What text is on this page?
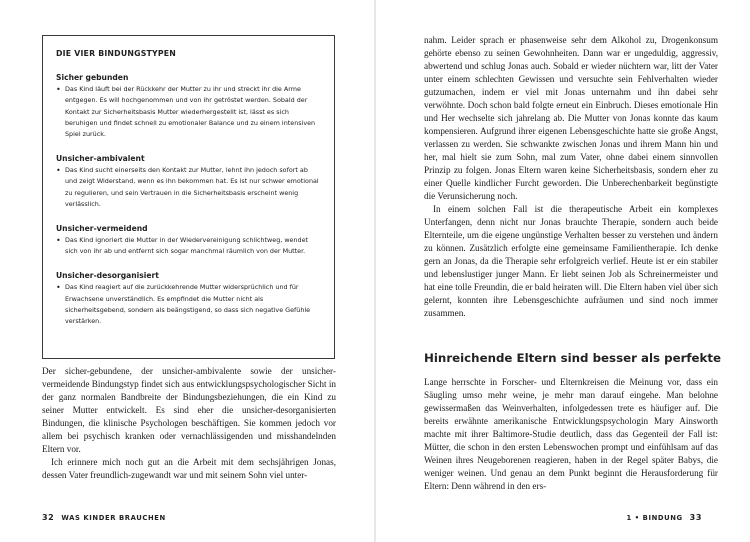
DIE VIER BINDUNGSTYPEN
Sicher gebunden
• Das Kind läuft bei der Rückkehr der Mutter zu ihr und streckt ihr die Arme entgegen. Es will hochgenommen und von ihr getröstet werden. Sobald der Kontakt zur Sicherheitsbasis Mutter wiederhergestellt ist, lässt es sich beruhigen und findet schnell zu emotionaler Balance und zu einem intensiven Spiel zurück.
Unsicher-ambivalent
• Das Kind sucht einerseits den Kontakt zur Mutter, lehnt ihn jedoch sofort ab und zeigt Widerstand, wenn es ihn bekommen hat. Es ist nur schwer emotional zu regulieren, und sein Vertrauen in die Sicherheitsbasis erscheint wenig verlässlich.
Unsicher-vermeidend
• Das Kind ignoriert die Mutter in der Wiedervereinigung schlichtweg, wendet sich von ihr ab und entfernt sich sogar manchmal räumlich von der Mutter.
Unsicher-desorganisiert
• Das Kind reagiert auf die zurückkehrende Mutter widersprüchlich und für Erwachsene unverständlich. Es empfindet die Mutter nicht als sicherheitsgebend, sondern als beängstigend, so dass sich negative Gefühle verstärken.

Der sicher-gebundene, der unsicher-ambivalente sowie der unsicher-vermeidende Bindungstyp findet sich aus entwicklungspsychologischer Sicht in der ganz normalen Bandbreite der Bindungsbeziehungen, die ein Kind zu seiner Mutter entwickelt. Es sind eher die unsicher-desorganisierten Bindungen, die klinische Psychologen beschäftigen. Sie kommen jedoch vor allem bei psychisch kranken oder vernachlässigenden und misshandelnden Eltern vor.

Ich erinnere mich noch gut an die Arbeit mit dem sechsjährigen Jonas, dessen Vater freundlich-zugewandt war und mit seinem Sohn viel unter-

32 WAS KINDER BRAUCHEN

nahm. Leider sprach er phasenweise sehr dem Alkohol zu, Drogenkonsum gehörte ebenso zu seinen Gewohnheiten. Dann war er ungeduldig, aggressiv, abwertend und schlug Jonas auch. Sobald er wieder nüchtern war, litt der Vater unter einem schlechten Gewissen und versuchte sein Fehlverhalten wieder gutzumachen, indem er viel mit Jonas unternahm und ihn dabei sehr verwöhnte. Doch schon bald folgte erneut ein Einbruch. Dieses emotionale Hin und Her wechselte sich jahrelang ab. Die Mutter von Jonas konnte das kaum kompensieren. Aufgrund ihrer eigenen Lebensgeschichte hatte sie große Angst, verlassen zu werden. Sie schwankte zwischen Jonas und ihrem Mann hin und her, mal hielt sie zum Sohn, mal zum Vater, ohne dabei einem sinnvollen Prinzip zu folgen. Jonas Eltern waren keine Sicherheitsbasis, sondern eher zu einer Quelle kindlicher Furcht geworden. Die Unberechenbarkeit begünstigte die Verunsicherung noch.

In einem solchen Fall ist die therapeutische Arbeit ein komplexes Unterfangen, denn nicht nur Jonas brauchte Therapie, sondern auch beide Elternteile, um die eigene ungünstige Verhalten besser zu verstehen und ändern zu können. Zusätzlich erfolgte eine gemeinsame Familientherapie. Ich denke gern an Jonas, da die Therapie sehr erfolgreich verlief. Heute ist er ein stabiler und lebenslustiger junger Mann. Er liebt seinen Job als Schreinermeister und hat eine tolle Freundin, die er bald heiraten will. Die Eltern haben viel über sich gelernt, konnten ihre Lebensgeschichte aufräumen und sind noch immer zusammen.

Hinreichende Eltern sind besser als perfekte

Lange herrschte in Forscher- und Elternkreisen die Meinung vor, dass ein Säugling umso mehr weine, je mehr man darauf eingehe. Man belohne gewissermaßen das Weinverhalten, infolgedessen trete es häufiger auf. Die bereits erwähnte amerikanische Entwicklungspsychologin Mary Ainsworth machte mit ihrer Baltimore-Studie deutlich, dass das Gegenteil der Fall ist: Mütter, die schon in den ersten Lebenswochen prompt und einfühlsam auf das Weinen ihres Neugeborenen reagieren, haben in der Regel später Babys, die weniger weinen. Und genau an dem Punkt beginnt die Herausforderung für Eltern: Denn während in den ers-

1 • BINDUNG 33
